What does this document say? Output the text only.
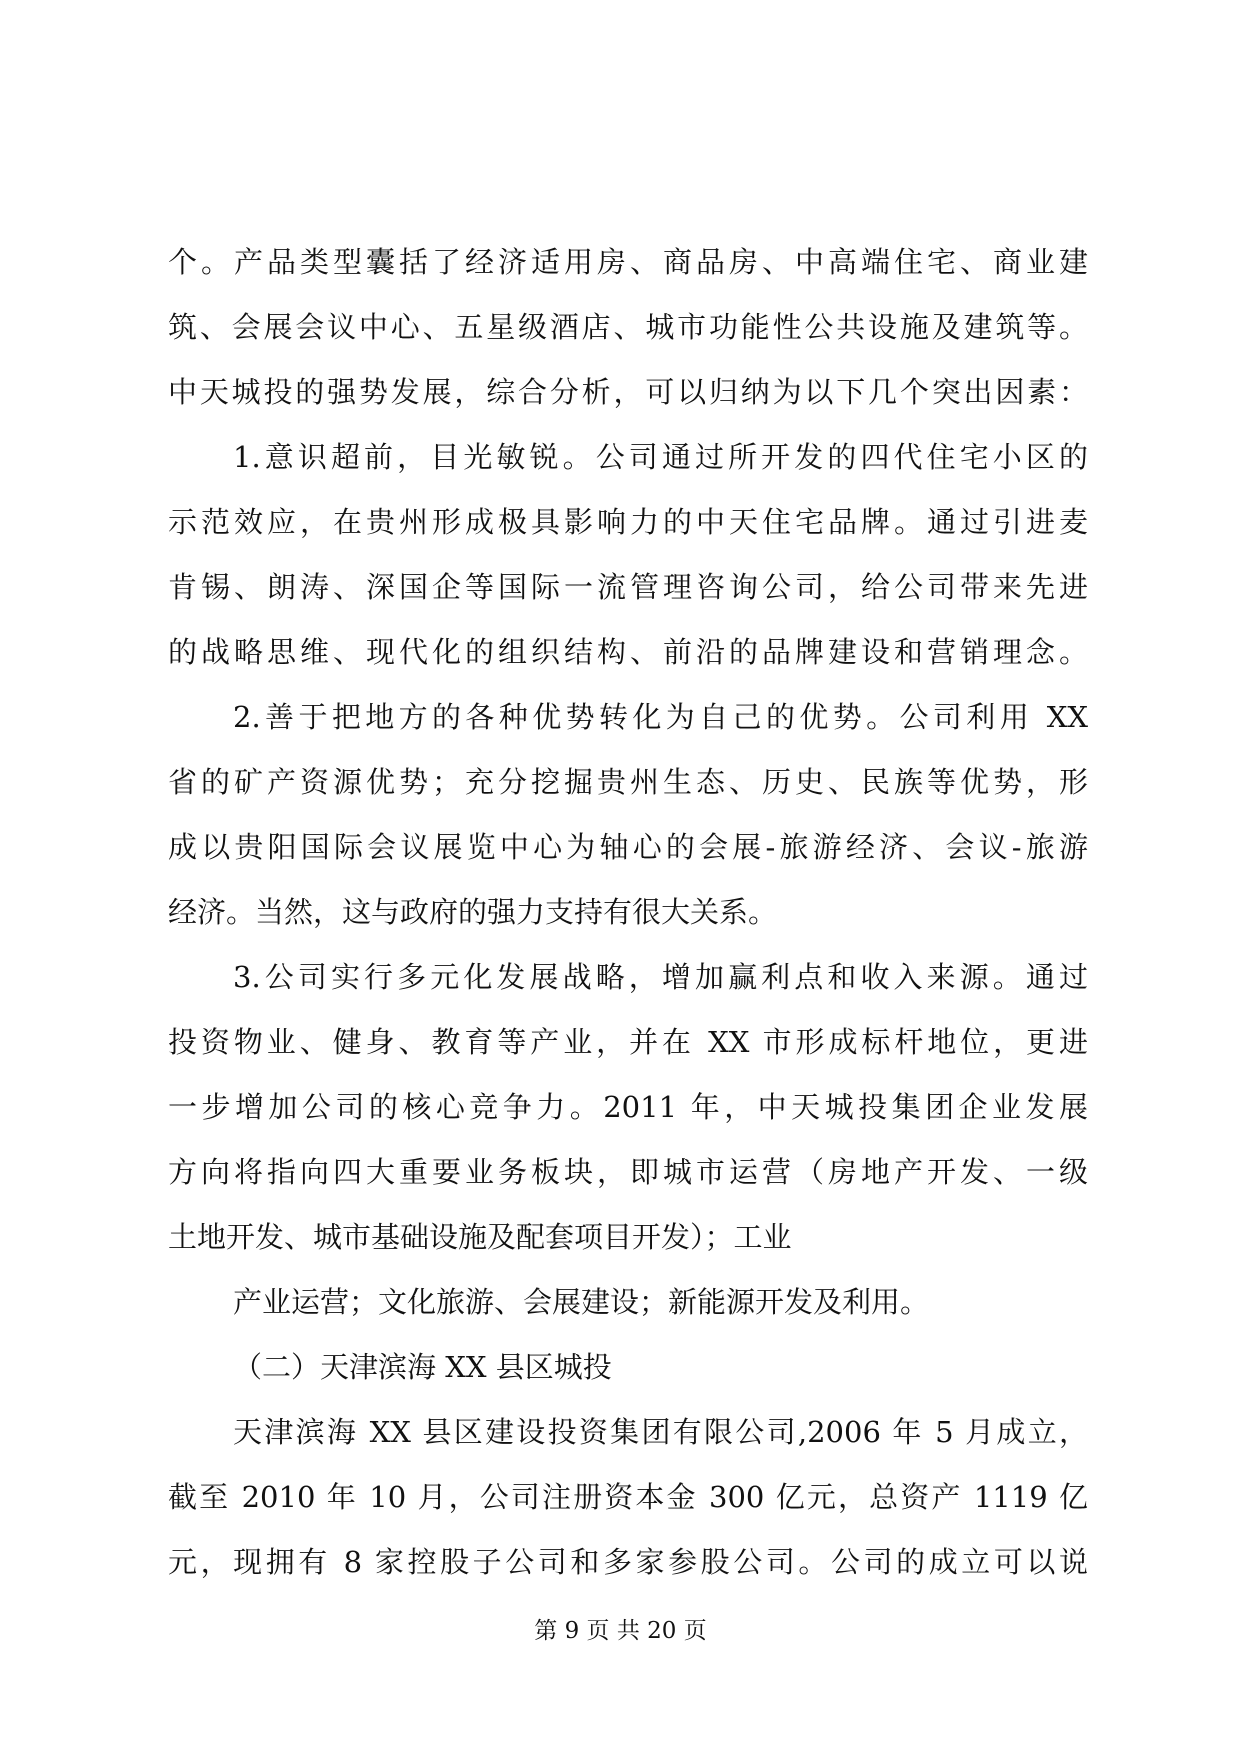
个。产品类型囊括了经济适用房、商品房、中高端住宅、商业建
筑、会展会议中心、五星级酒店、城市功能性公共设施及建筑等。
中天城投的强势发展，综合分析，可以归纳为以下几个突出因素：
1.意识超前，目光敏锐。公司通过所开发的四代住宅小区的
示范效应，在贵州形成极具影响力的中天住宅品牌。通过引进麦
肯锡、朗涛、深国企等国际一流管理咨询公司，给公司带来先进
的战略思维、现代化的组织结构、前沿的品牌建设和营销理念。
2.善于把地方的各种优势转化为自己的优势。公司利用 XX
省的矿产资源优势；充分挖掘贵州生态、历史、民族等优势，形
成以贵阳国际会议展览中心为轴心的会展-旅游经济、会议-旅游
经济。当然，这与政府的强力支持有很大关系。
3.公司实行多元化发展战略，增加赢利点和收入来源。通过
投资物业、健身、教育等产业，并在 XX 市形成标杆地位，更进
一步增加公司的核心竞争力。2011 年，中天城投集团企业发展
方向将指向四大重要业务板块，即城市运营（房地产开发、一级
土地开发、城市基础设施及配套项目开发）；工业
产业运营；文化旅游、会展建设；新能源开发及利用。
（二）天津滨海 XX 县区城投
天津滨海 XX 县区建设投资集团有限公司,2006 年 5 月成立，
截至 2010 年 10 月，公司注册资本金 300 亿元，总资产 1119 亿
元，现拥有 8 家控股子公司和多家参股公司。公司的成立可以说
第 9 页 共 20 页
